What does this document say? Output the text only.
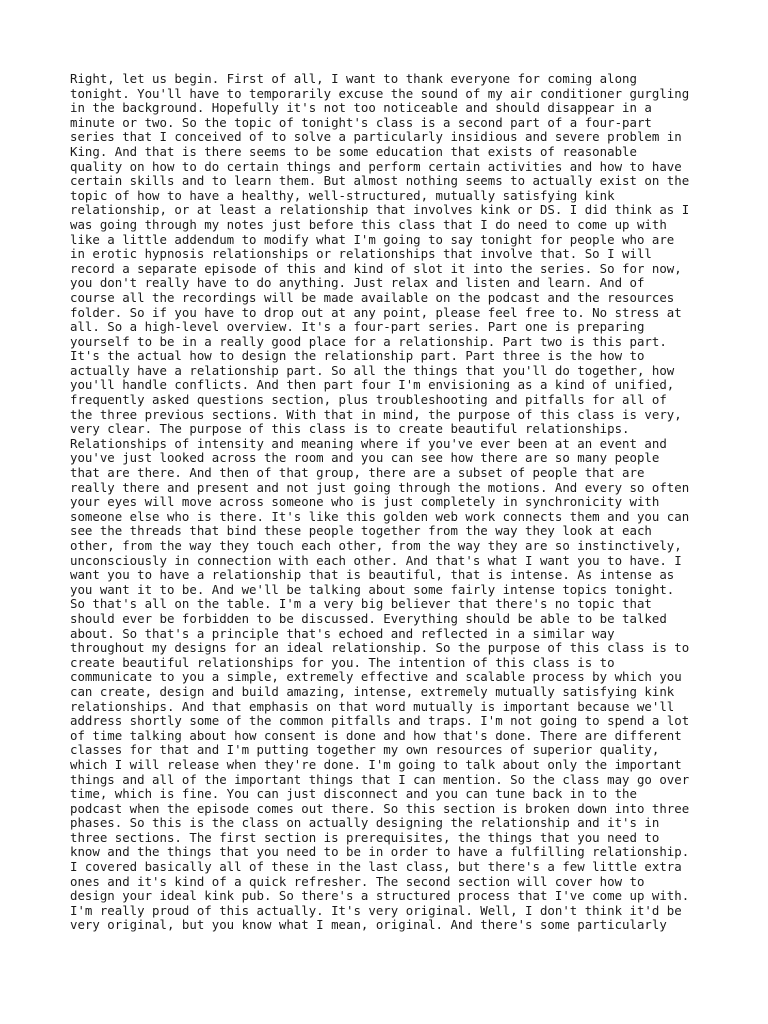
Right, let us begin. First of all, I want to thank everyone for coming along
tonight. You'll have to temporarily excuse the sound of my air conditioner gurgling
in the background. Hopefully it's not too noticeable and should disappear in a
minute or two. So the topic of tonight's class is a second part of a four-part
series that I conceived of to solve a particularly insidious and severe problem in
King. And that is there seems to be some education that exists of reasonable
quality on how to do certain things and perform certain activities and how to have
certain skills and to learn them. But almost nothing seems to actually exist on the
topic of how to have a healthy, well-structured, mutually satisfying kink
relationship, or at least a relationship that involves kink or DS. I did think as I
was going through my notes just before this class that I do need to come up with
like a little addendum to modify what I'm going to say tonight for people who are
in erotic hypnosis relationships or relationships that involve that. So I will
record a separate episode of this and kind of slot it into the series. So for now,
you don't really have to do anything. Just relax and listen and learn. And of
course all the recordings will be made available on the podcast and the resources
folder. So if you have to drop out at any point, please feel free to. No stress at
all. So a high-level overview. It's a four-part series. Part one is preparing
yourself to be in a really good place for a relationship. Part two is this part.
It's the actual how to design the relationship part. Part three is the how to
actually have a relationship part. So all the things that you'll do together, how
you'll handle conflicts. And then part four I'm envisioning as a kind of unified,
frequently asked questions section, plus troubleshooting and pitfalls for all of
the three previous sections. With that in mind, the purpose of this class is very,
very clear. The purpose of this class is to create beautiful relationships.
Relationships of intensity and meaning where if you've ever been at an event and
you've just looked across the room and you can see how there are so many people
that are there. And then of that group, there are a subset of people that are
really there and present and not just going through the motions. And every so often
your eyes will move across someone who is just completely in synchronicity with
someone else who is there. It's like this golden web work connects them and you can
see the threads that bind these people together from the way they look at each
other, from the way they touch each other, from the way they are so instinctively,
unconsciously in connection with each other. And that's what I want you to have. I
want you to have a relationship that is beautiful, that is intense. As intense as
you want it to be. And we'll be talking about some fairly intense topics tonight.
So that's all on the table. I'm a very big believer that there's no topic that
should ever be forbidden to be discussed. Everything should be able to be talked
about. So that's a principle that's echoed and reflected in a similar way
throughout my designs for an ideal relationship. So the purpose of this class is to
create beautiful relationships for you. The intention of this class is to
communicate to you a simple, extremely effective and scalable process by which you
can create, design and build amazing, intense, extremely mutually satisfying kink
relationships. And that emphasis on that word mutually is important because we'll
address shortly some of the common pitfalls and traps. I'm not going to spend a lot
of time talking about how consent is done and how that's done. There are different
classes for that and I'm putting together my own resources of superior quality,
which I will release when they're done. I'm going to talk about only the important
things and all of the important things that I can mention. So the class may go over
time, which is fine. You can just disconnect and you can tune back in to the
podcast when the episode comes out there. So this section is broken down into three
phases. So this is the class on actually designing the relationship and it's in
three sections. The first section is prerequisites, the things that you need to
know and the things that you need to be in order to have a fulfilling relationship.
I covered basically all of these in the last class, but there's a few little extra
ones and it's kind of a quick refresher. The second section will cover how to
design your ideal kink pub. So there's a structured process that I've come up with.
I'm really proud of this actually. It's very original. Well, I don't think it'd be
very original, but you know what I mean, original. And there's some particularly
